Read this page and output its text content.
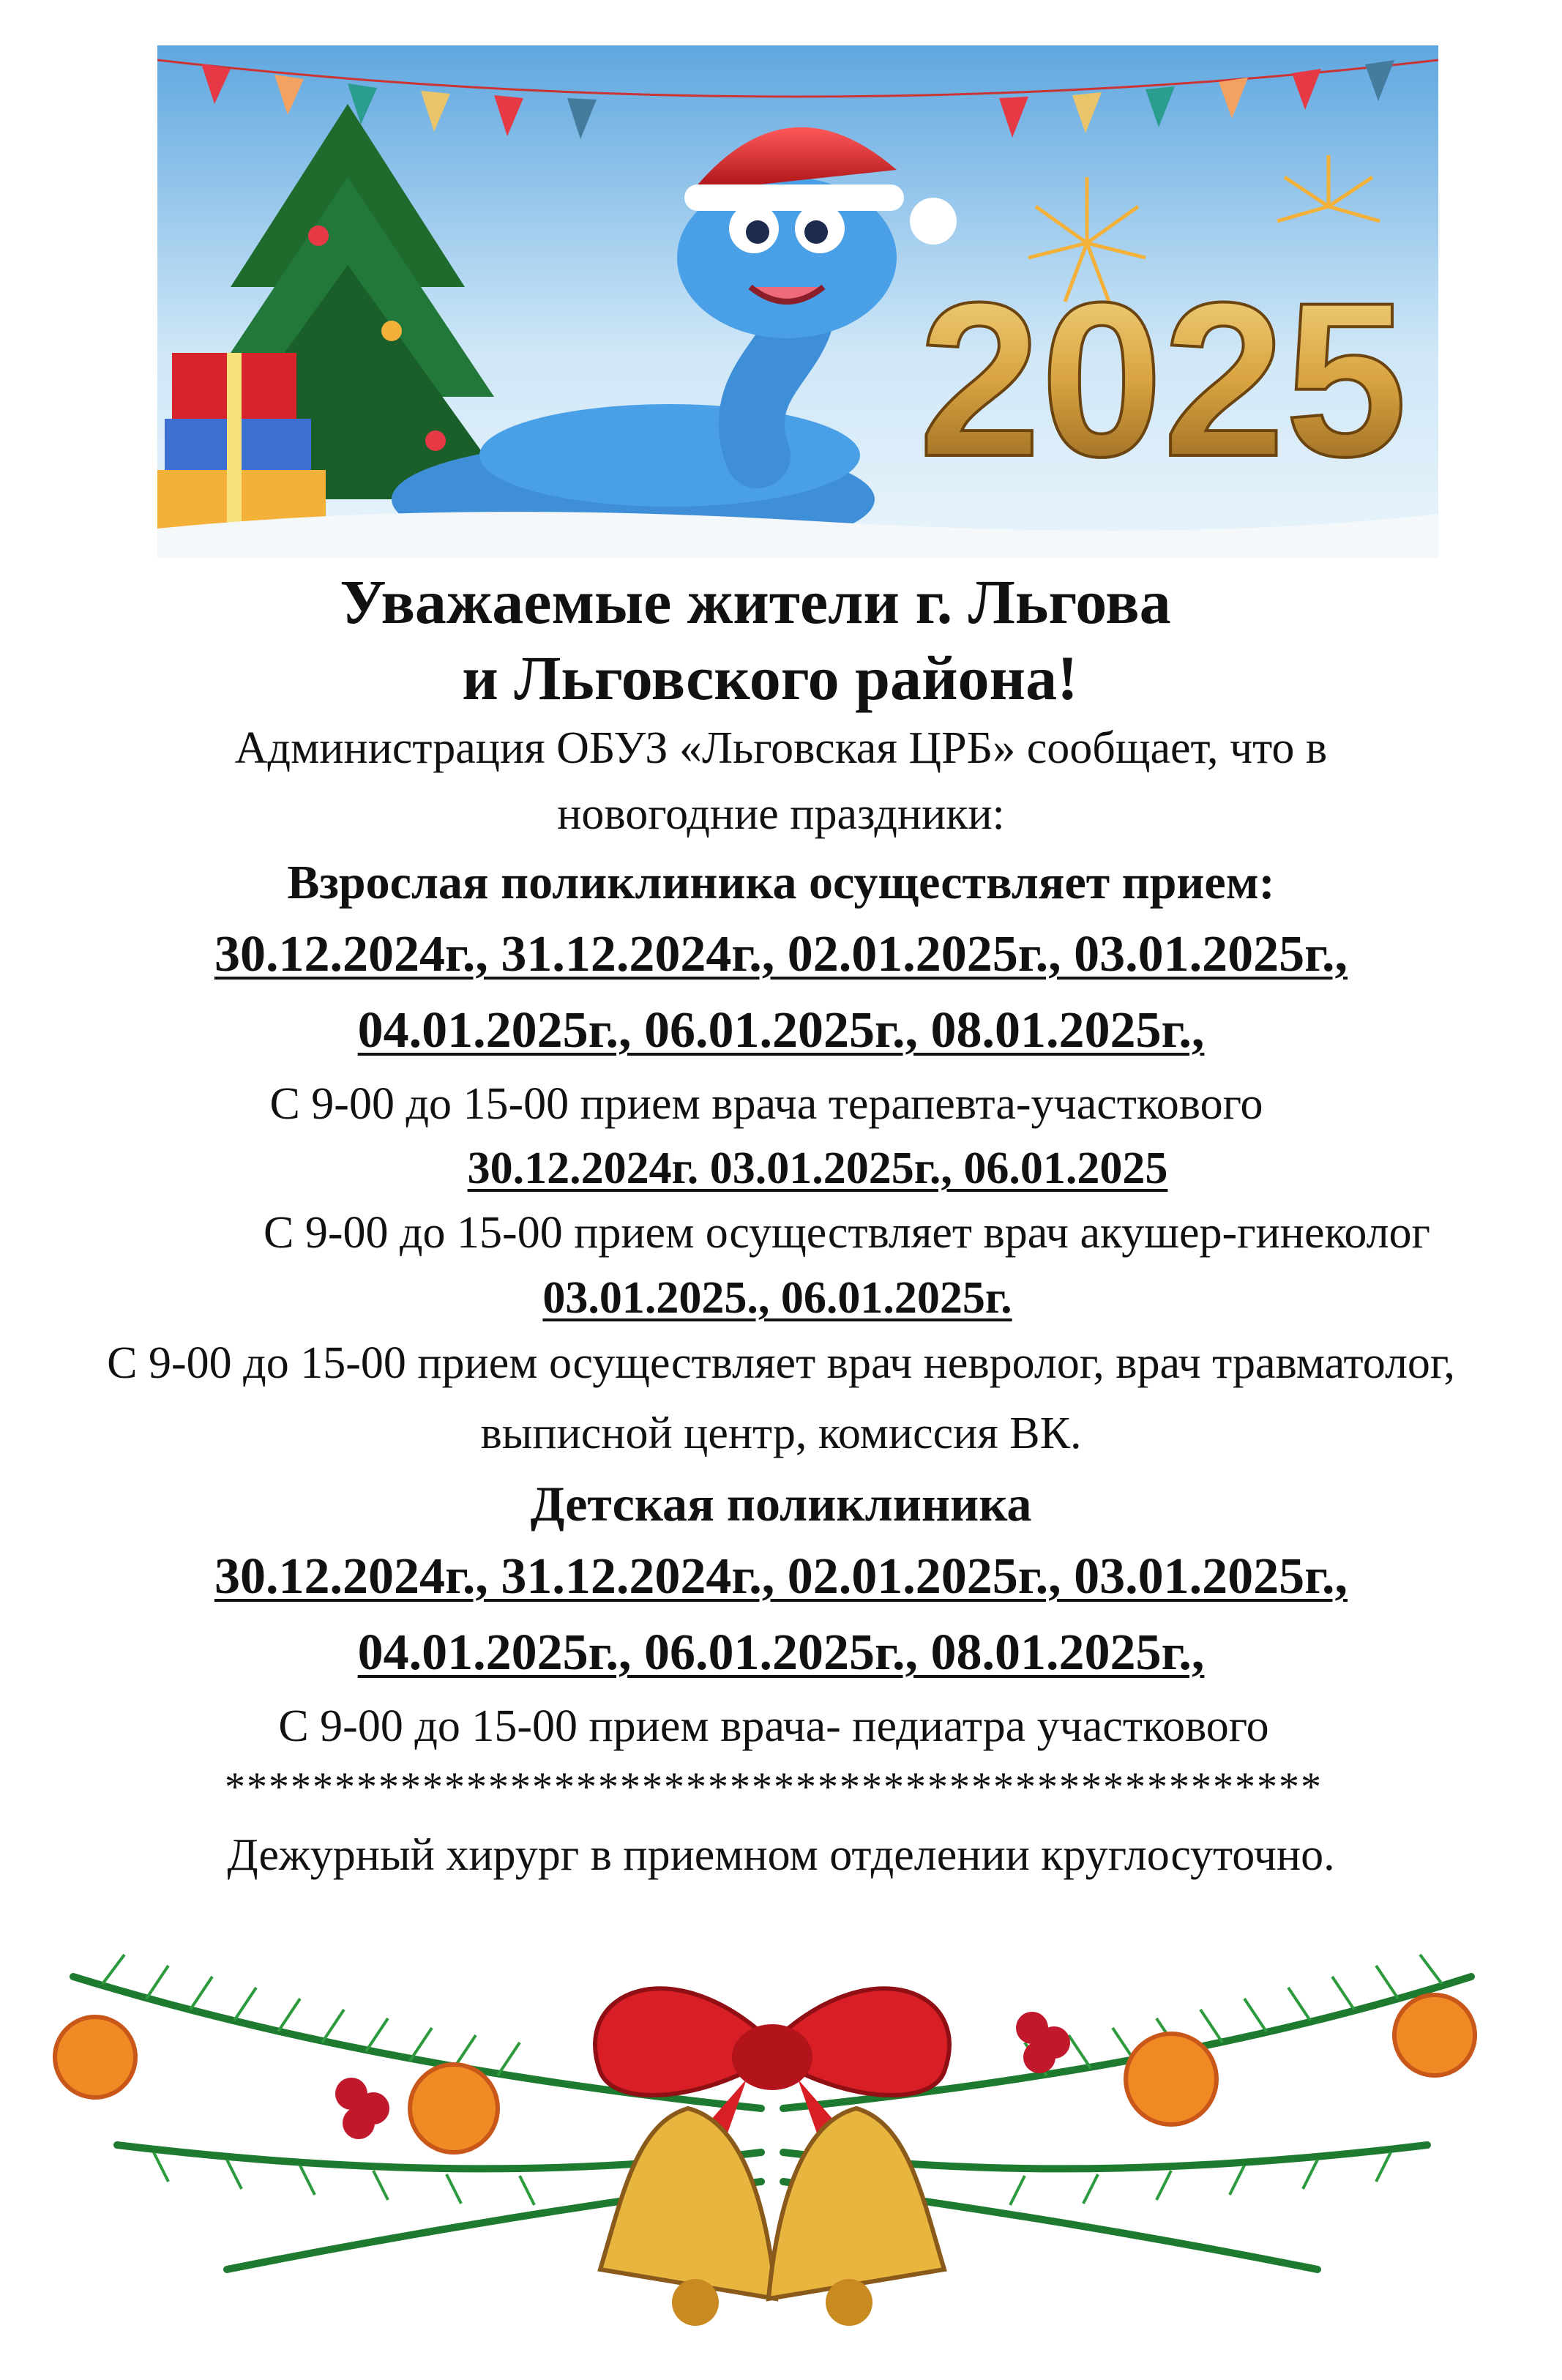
2025
Уважаемые жители г. Льгова
и Льговского района!
Администрация ОБУЗ «Льговская ЦРБ» сообщает, что в
новогодние праздники:
Взрослая поликлиника осуществляет прием:
30.12.2024г., 31.12.2024г., 02.01.2025г., 03.01.2025г.,
04.01.2025г., 06.01.2025г., 08.01.2025г.,
С 9-00 до 15-00 прием врача терапевта-участкового
30.12.2024г. 03.01.2025г., 06.01.2025
С 9-00 до 15-00 прием осуществляет врач акушер-гинеколог
03.01.2025., 06.01.2025г.
С 9-00 до 15-00 прием осуществляет врач невролог, врач травматолог,
выписной центр, комиссия ВК.
Детская поликлиника
30.12.2024г., 31.12.2024г., 02.01.2025г., 03.01.2025г.,
04.01.2025г., 06.01.2025г., 08.01.2025г.,
С 9-00 до 15-00 прием врача- педиатра участкового
**************************************************
Дежурный хирург в приемном отделении круглосуточно.
